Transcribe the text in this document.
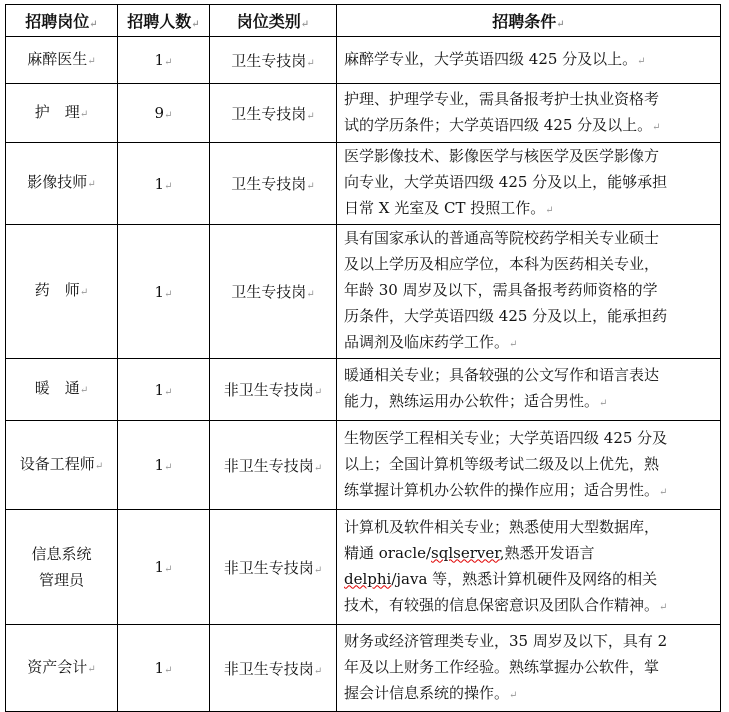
招聘岗位↵	招聘人数↵	岗位类别↵	招聘条件↵
麻醉医生↵	1↵	卫生专技岗↵	麻醉学专业，大学英语四级 425 分及以上。↵

护　理↵	9↵	卫生专技岗↵	护理、护理学专业，需具备报考护士执业资格考
试的学历条件；大学英语四级 425 分及以上。↵

影像技师↵	1↵	卫生专技岗↵	医学影像技术、影像医学与核医学及医学影像方
向专业，大学英语四级 425 分及以上，能够承担
日常 X 光室及 CT 投照工作。↵

药　师↵	1↵	卫生专技岗↵	具有国家承认的普通高等院校药学相关专业硕士
及以上学历及相应学位，本科为医药相关专业，
年龄 30 周岁及以下，需具备报考药师资格的学
历条件，大学英语四级 425 分及以上，能承担药
品调剂及临床药学工作。↵

暖　通↵	1↵	非卫生专技岗↵	暖通相关专业；具备较强的公文写作和语言表达
能力，熟练运用办公软件；适合男性。↵

设备工程师↵	1↵	非卫生专技岗↵	生物医学工程相关专业；大学英语四级 425 分及
以上；全国计算机等级考试二级及以上优先，熟
练掌握计算机办公软件的操作应用；适合男性。↵

信息系统
管理员	1↵	非卫生专技岗↵	计算机及软件相关专业；熟悉使用大型数据库，
精通 oracle/sqlserver,熟悉开发语言
delphi/java 等，熟悉计算机硬件及网络的相关
技术，有较强的信息保密意识及团队合作精神。↵

资产会计↵	1↵	非卫生专技岗↵	财务或经济管理类专业，35 周岁及以下，具有 2
年及以上财务工作经验。熟练掌握办公软件，掌
握会计信息系统的操作。↵
